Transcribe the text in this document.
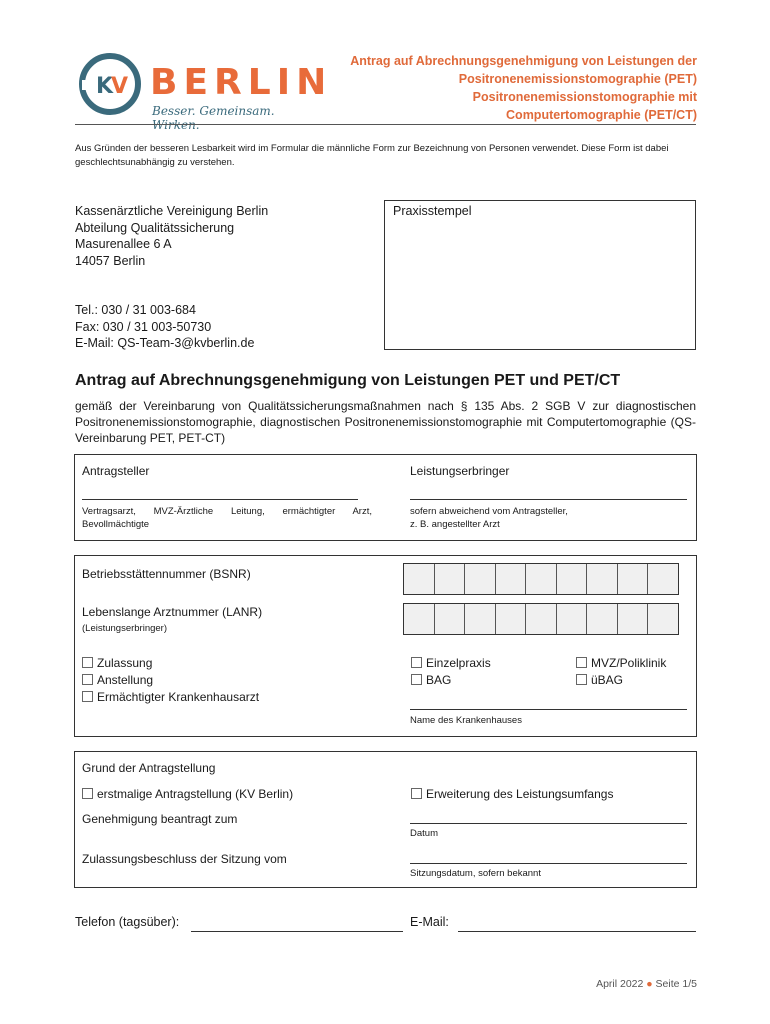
K
V BERLIN
Besser. Gemeinsam. Wirken.
Antrag auf Abrechnungsgenehmigung von Leistungen der
Positronenemissionstomographie (PET)
Positronenemissionstomographie mit
Computertomographie (PET/CT)
Aus Gründen der besseren Lesbarkeit wird im Formular die männliche Form zur Bezeichnung von Personen verwendet. Diese Form ist dabei geschlechtsunabhängig zu verstehen.
Kassenärztliche Vereinigung Berlin
Abteilung Qualitätssicherung
Masurenallee 6 A
14057 Berlin
Tel.: 030 / 31 003-684
Fax: 030 / 31 003-50730
E-Mail: QS-Team-3@kvberlin.de
Praxisstempel
Antrag auf Abrechnungsgenehmigung von Leistungen PET und PET/CT
gemäß der Vereinbarung von Qualitätssicherungsmaßnahmen nach § 135 Abs. 2 SGB V zur diagnostischen Positronenemissionstomographie, diagnostischen Positronenemissionstomographie mit Computertomographie (QS-Vereinbarung PET, PET-CT)
Antragsteller
Vertragsarzt, MVZ-Ärztliche Leitung, ermächtigter Arzt, Bevollmächtigte
Leistungserbringer
sofern abweichend vom Antragsteller,
z. B. angestellter Arzt
Betriebsstättennummer (BSNR)
Lebenslange Arztnummer (LANR)
(Leistungserbringer)
Zulassung
Anstellung
Ermächtigter Krankenhausarzt
Einzelpraxis
BAG
MVZ/Poliklinik
üBAG
Name des Krankenhauses
Grund der Antragstellung
erstmalige Antragstellung (KV Berlin)	Erweiterung des Leistungsumfangs
Genehmigung beantragt zum
Datum
Zulassungsbeschluss der Sitzung vom
Sitzungsdatum, sofern bekannt
Telefon (tagsüber):	E-Mail:
April 2022 ● Seite 1/5
